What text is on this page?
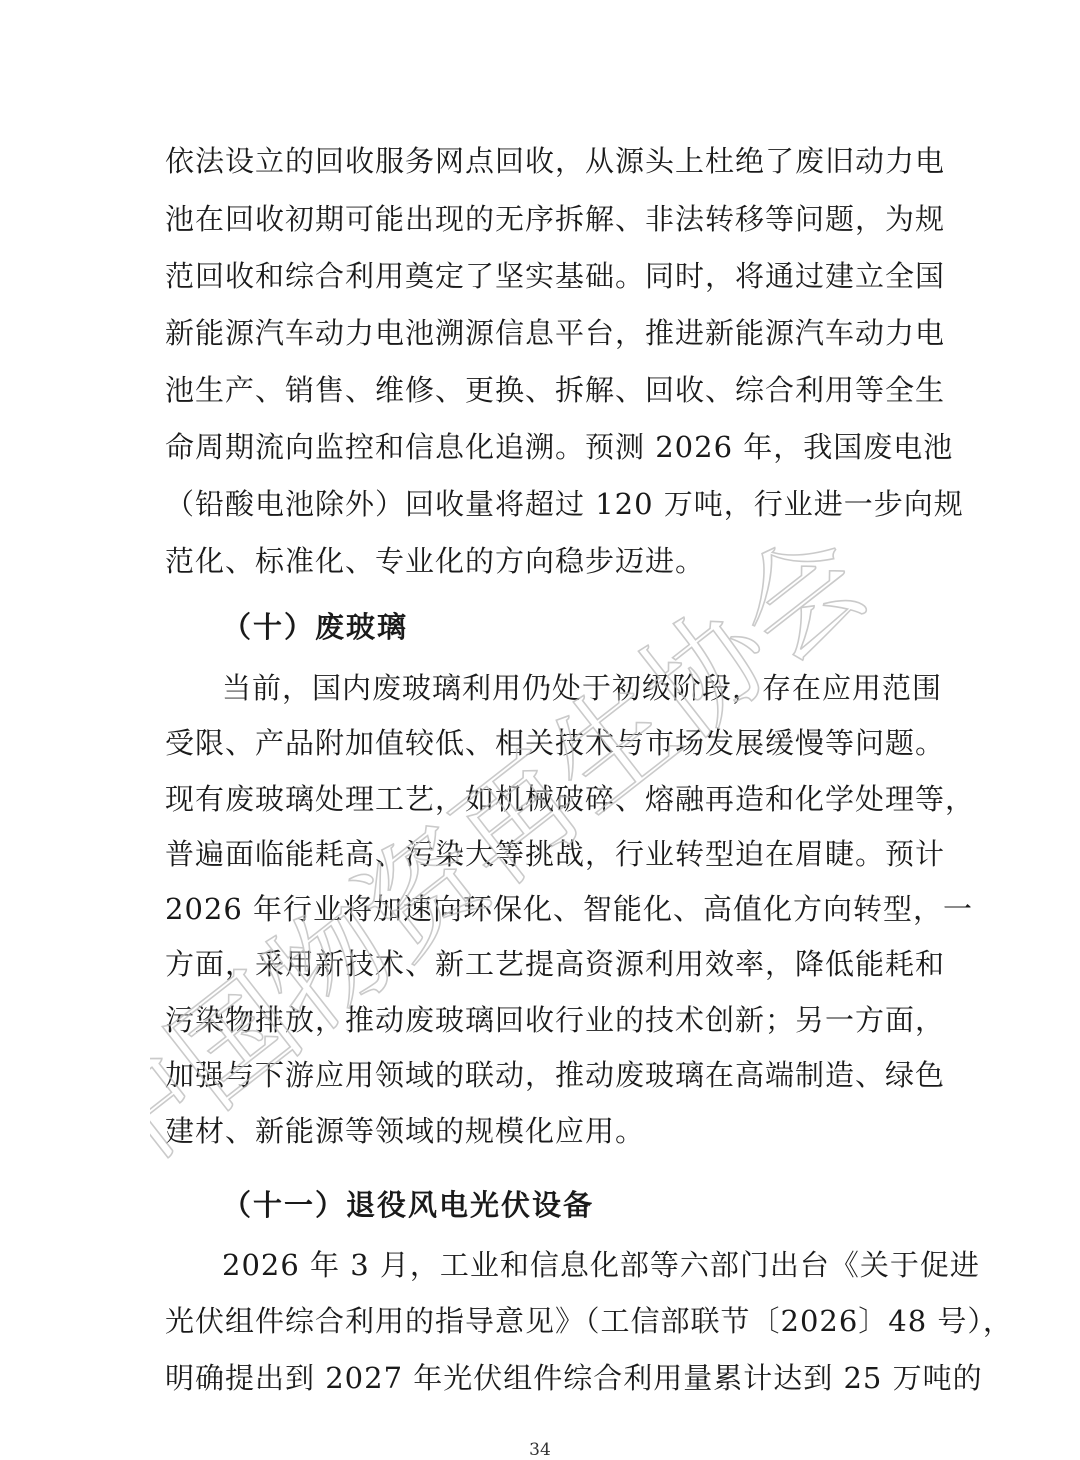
依法设立的回收服务网点回收，从源头上杜绝了废旧动力电
池在回收初期可能出现的无序拆解、非法转移等问题，为规
范回收和综合利用奠定了坚实基础。同时，将通过建立全国
新能源汽车动力电池溯源信息平台，推进新能源汽车动力电
池生产、销售、维修、更换、拆解、回收、综合利用等全生
命周期流向监控和信息化追溯。预测 2026 年，我国废电池
（铅酸电池除外）回收量将超过 120 万吨，行业进一步向规
范化、标准化、专业化的方向稳步迈进。
（十）废玻璃
当前，国内废玻璃利用仍处于初级阶段，存在应用范围
受限、产品附加值较低、相关技术与市场发展缓慢等问题。
现有废玻璃处理工艺，如机械破碎、熔融再造和化学处理等，
普遍面临能耗高、污染大等挑战，行业转型迫在眉睫。预计
2026 年行业将加速向环保化、智能化、高值化方向转型，一
方面，采用新技术、新工艺提高资源利用效率，降低能耗和
污染物排放，推动废玻璃回收行业的技术创新；另一方面，
加强与下游应用领域的联动，推动废玻璃在高端制造、绿色
建材、新能源等领域的规模化应用。
（十一）退役风电光伏设备
2026 年 3 月，工业和信息化部等六部门出台《关于促进
光伏组件综合利用的指导意见》（工信部联节〔2026〕48 号），
明确提出到 2027 年光伏组件综合利用量累计达到 25 万吨的
中国物资再生协会
34
